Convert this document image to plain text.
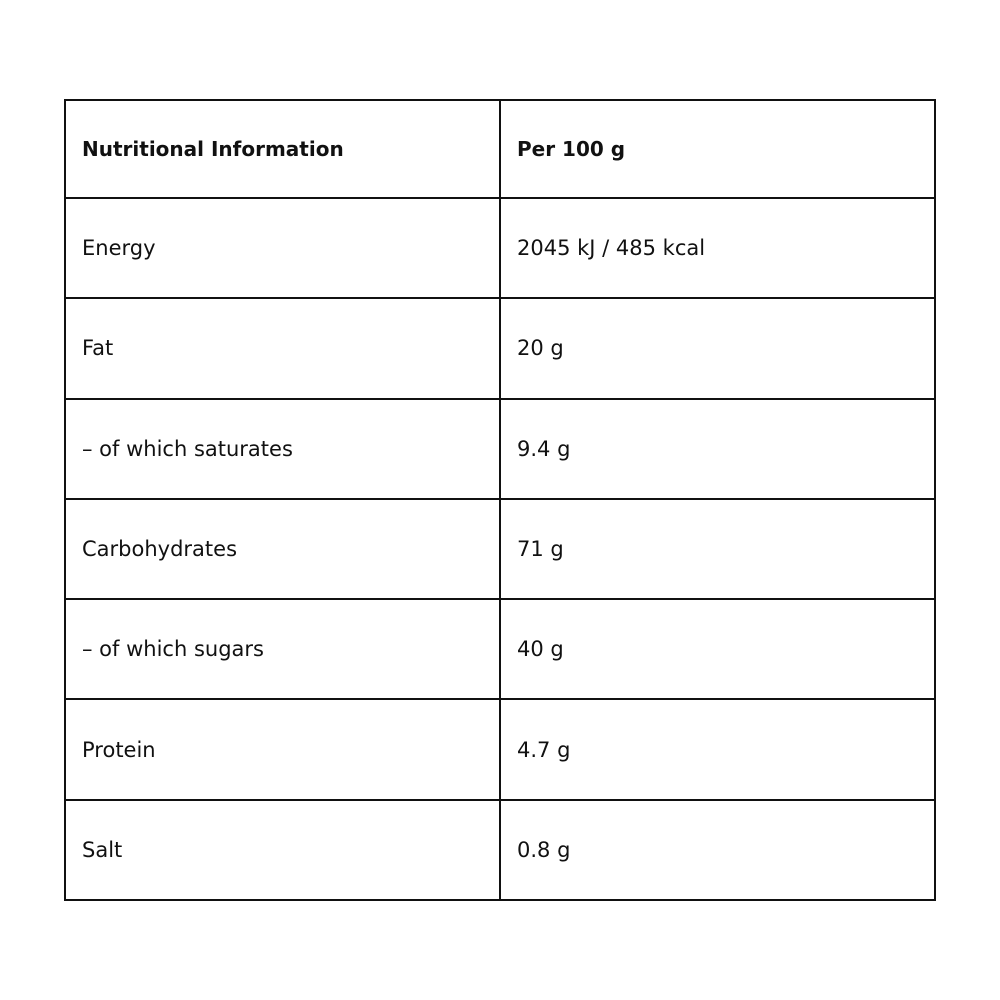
Nutritional Information	Per 100 g
Energy	2045 kJ / 485 kcal
Fat	20 g
– of which saturates	9.4 g
Carbohydrates	71 g
– of which sugars	40 g
Protein	4.7 g
Salt	0.8 g
